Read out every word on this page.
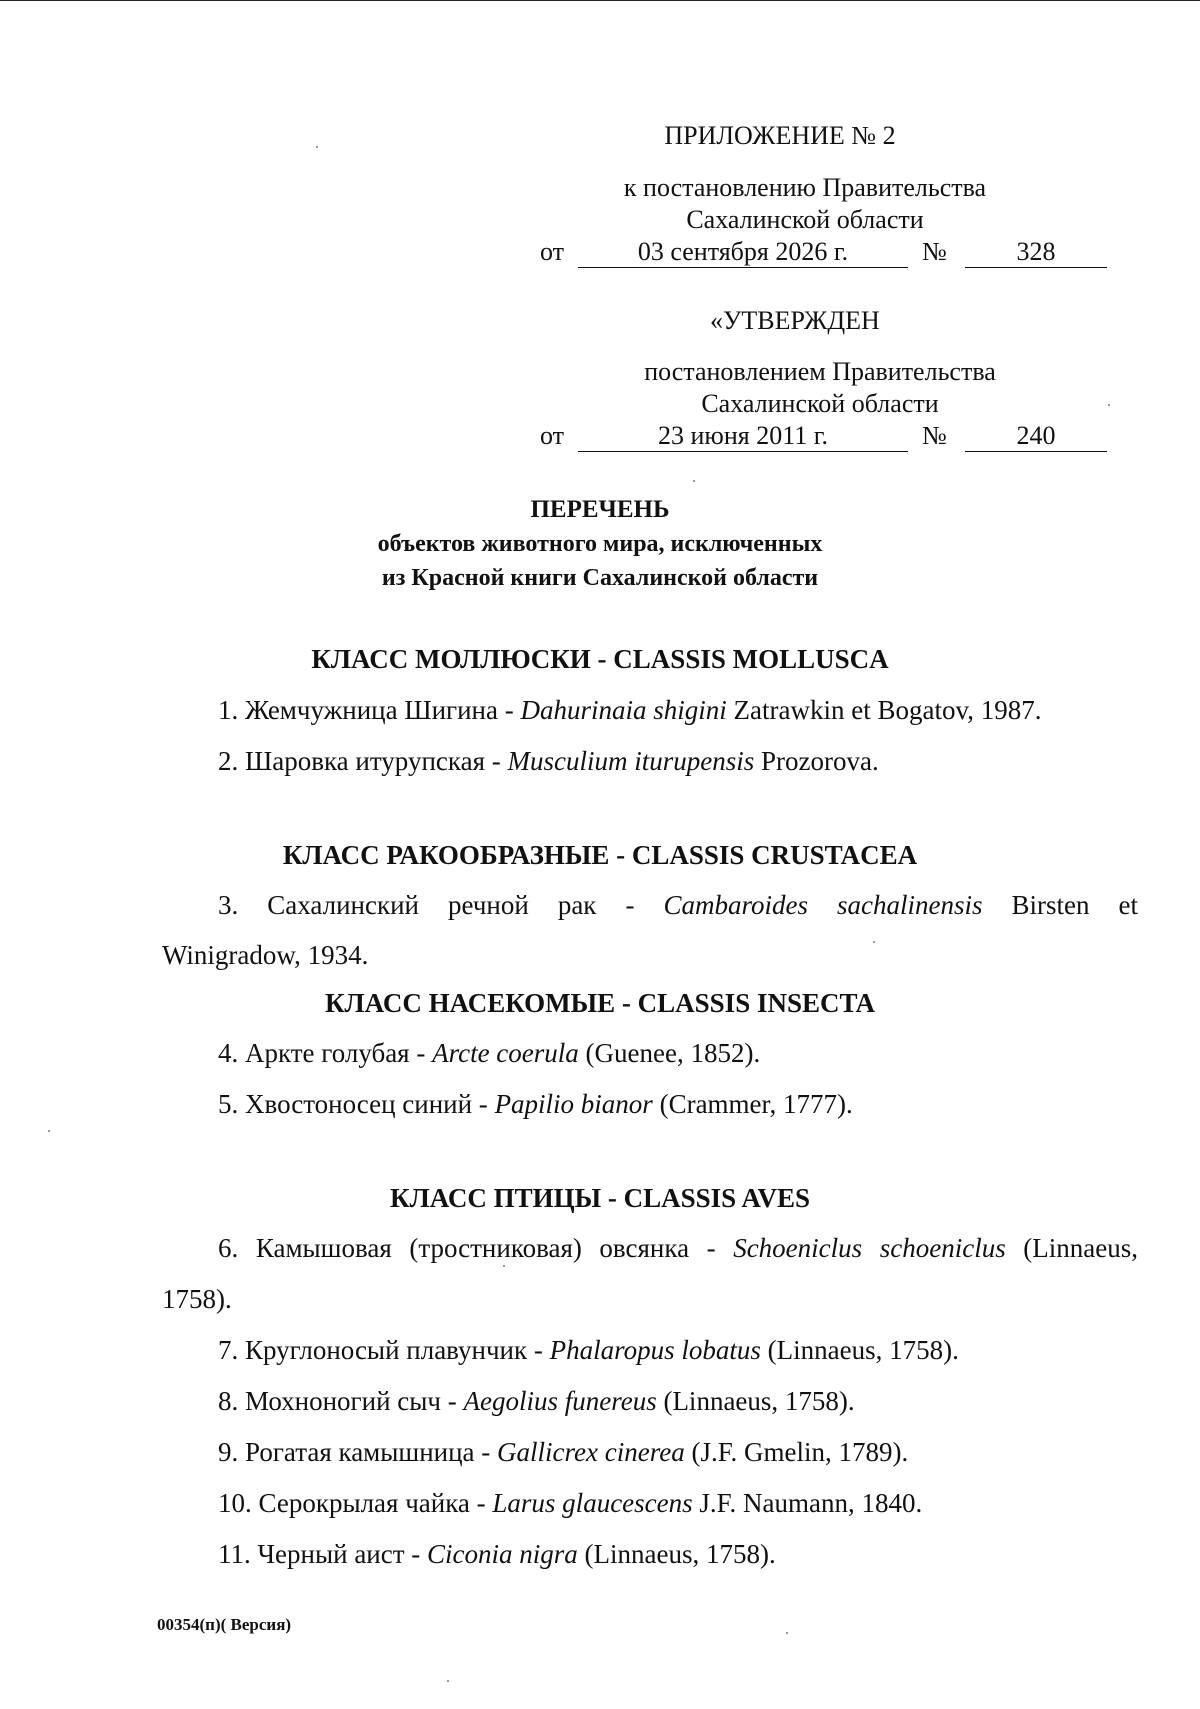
ПРИЛОЖЕНИЕ № 2
к постановлению Правительства
Сахалинской области
от	03 сентября 2026 г.	№	328
«УТВЕРЖДЕН
постановлением Правительства
Сахалинской области
от	23 июня 2011 г.	№	240
ПЕРЕЧЕНЬ
объектов животного мира, исключенных
из Красной книги Сахалинской области
КЛАСС МОЛЛЮСКИ - CLASSIS MOLLUSCA
1. Жемчужница Шигина - Dahurinaia shigini Zatrawkin et Bogatov, 1987.
2. Шаровка итурупская - Musculium iturupensis Prozorova.
КЛАСС РАКООБРАЗНЫЕ - CLASSIS CRUSTACEA
3. Сахалинский речной рак - Cambaroides sachalinensis Birsten et
Winigradow, 1934.
КЛАСС НАСЕКОМЫЕ - CLASSIS INSECTA
4. Аркте голубая - Arcte coerula (Guenee, 1852).
5. Хвостоносец синий - Papilio bianor (Crammer, 1777).
КЛАСС ПТИЦЫ - CLASSIS AVES
6. Камышовая (тростниковая) овсянка - Schoeniclus schoeniclus (Linnaeus,
1758).
7. Круглоносый плавунчик - Phalaropus lobatus (Linnaeus, 1758).
8. Мохноногий сыч - Aegolius funereus (Linnaeus, 1758).
9. Рогатая камышница - Gallicrex cinerea (J.F. Gmelin, 1789).
10. Серокрылая чайка - Larus glaucescens J.F. Naumann, 1840.
11. Черный аист - Ciconia nigra (Linnaeus, 1758).
00354(п)( Версия)
